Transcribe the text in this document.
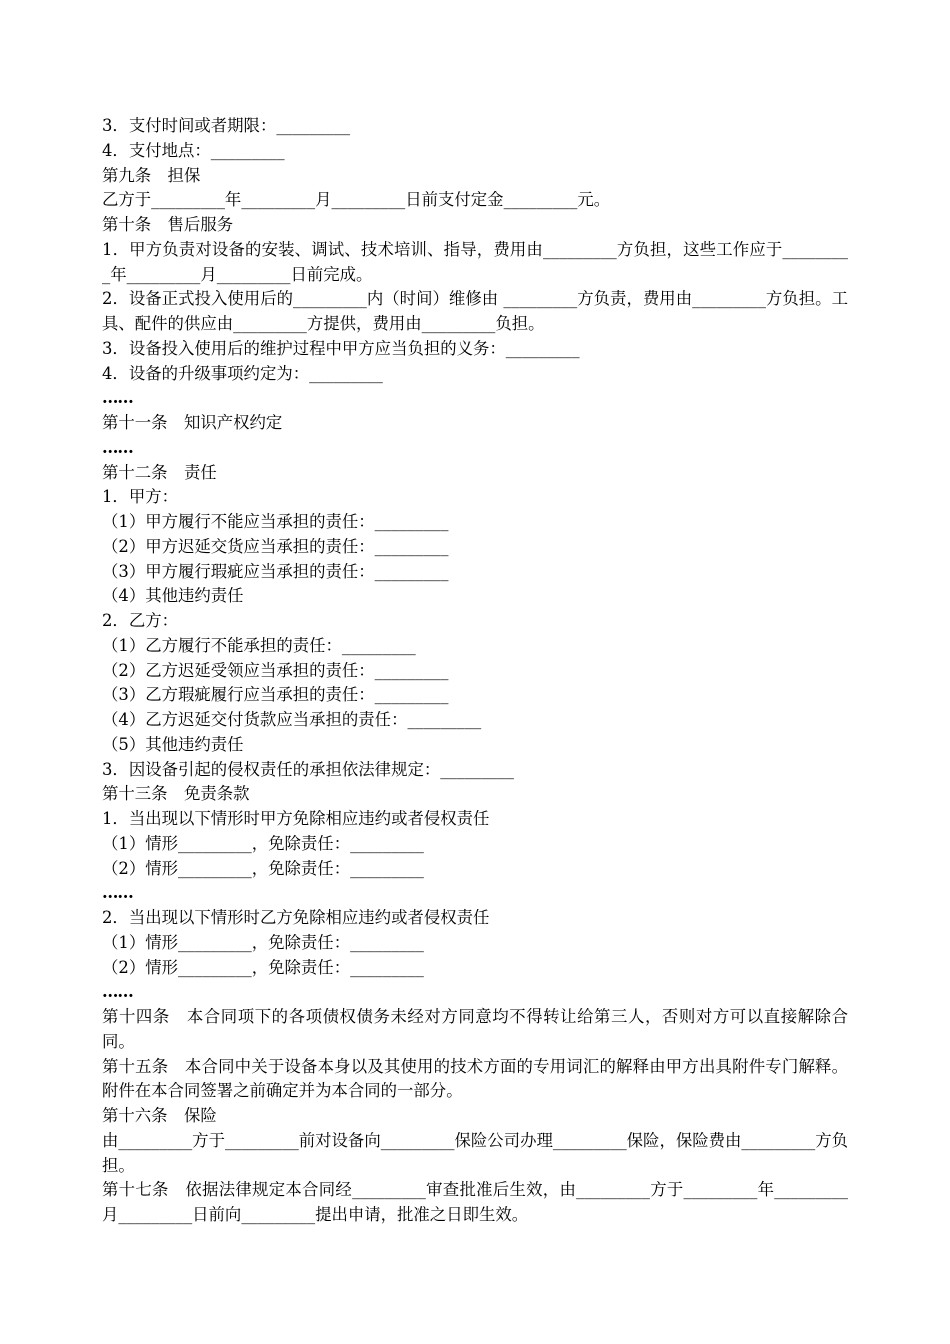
3．支付时间或者期限：_________

4．支付地点：_________

第九条　担保

乙方于_________年_________月_________日前支付定金_________元。

第十条　售后服务

1．甲方负责对设备的安装、调试、技术培训、指导，费用由_________方负担，这些工作应于_________年_________月_________日前完成。

2．设备正式投入使用后的_________内（时间）维修由 _________方负责，费用由_________方负担。工具、配件的供应由_________方提供，费用由_________负担。

3．设备投入使用后的维护过程中甲方应当负担的义务：_________

4．设备的升级事项约定为：_________

……

第十一条　知识产权约定

……

第十二条　责任

1．甲方：

（1）甲方履行不能应当承担的责任：_________

（2）甲方迟延交货应当承担的责任：_________

（3）甲方履行瑕疵应当承担的责任：_________

（4）其他违约责任

2．乙方：

（1）乙方履行不能承担的责任：_________

（2）乙方迟延受领应当承担的责任：_________

（3）乙方瑕疵履行应当承担的责任：_________

（4）乙方迟延交付货款应当承担的责任：_________

（5）其他违约责任

3．因设备引起的侵权责任的承担依法律规定：_________

第十三条　免责条款

1．当出现以下情形时甲方免除相应违约或者侵权责任

（1）情形_________，免除责任：_________

（2）情形_________，免除责任：_________

……

2．当出现以下情形时乙方免除相应违约或者侵权责任

（1）情形_________，免除责任：_________

（2）情形_________，免除责任：_________

……

第十四条　本合同项下的各项债权债务未经对方同意均不得转让给第三人，否则对方可以直接解除合同。

第十五条　本合同中关于设备本身以及其使用的技术方面的专用词汇的解释由甲方出具附件专门解释。附件在本合同签署之前确定并为本合同的一部分。

第十六条　保险

由_________方于_________前对设备向_________保险公司办理_________保险，保险费由_________方负担。

第十七条　依据法律规定本合同经_________审查批准后生效，由_________方于_________年_________月_________日前向_________提出申请，批准之日即生效。
